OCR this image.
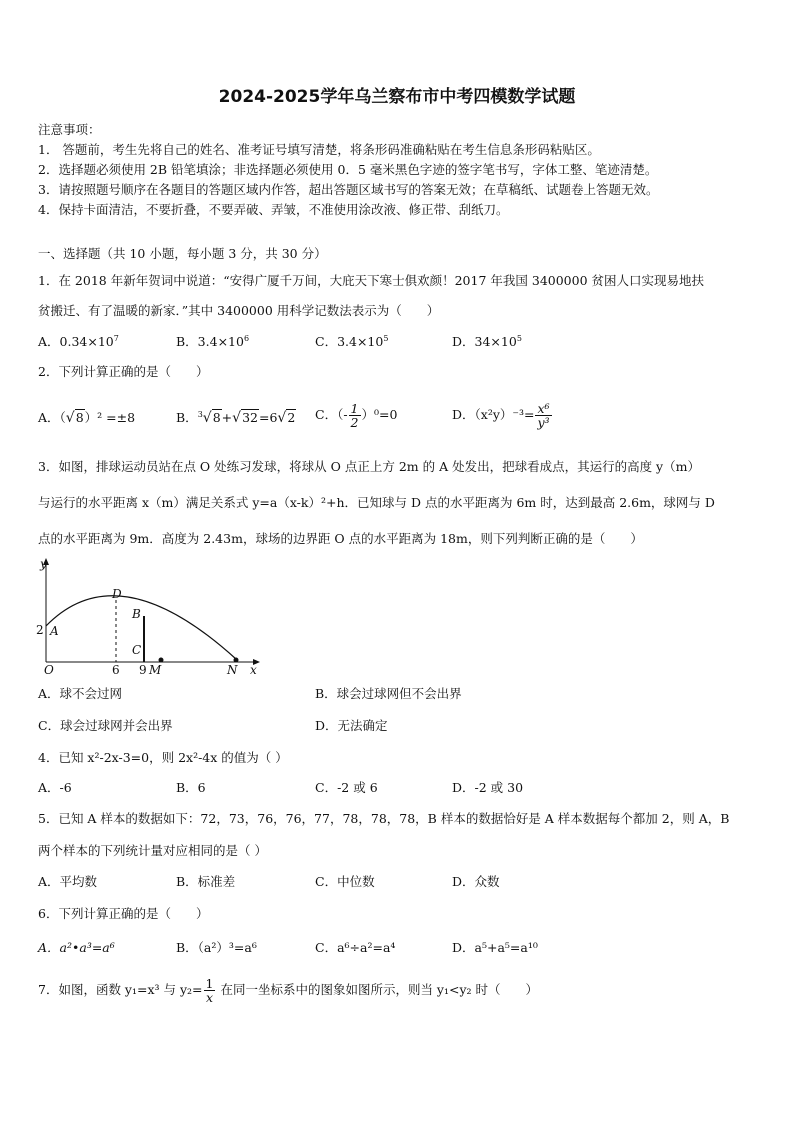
2024-2025学年乌兰察布市中考四模数学试题
注意事项：
1． 答题前，考生先将自己的姓名、准考证号填写清楚，将条形码准确粘贴在考生信息条形码粘贴区。
2．选择题必须使用 2B 铅笔填涂；非选择题必须使用 0．5 毫米黑色字迹的签字笔书写，字体工整、笔迹清楚。
3．请按照题号顺序在各题目的答题区域内作答，超出答题区域书写的答案无效；在草稿纸、试题卷上答题无效。
4．保持卡面清洁，不要折叠，不要弄破、弄皱，不准使用涂改液、修正带、刮纸刀。
一、选择题（共 10 小题，每小题 3 分，共 30 分）
1．在 2018 年新年贺词中说道：“安得广厦千万间，大庇天下寒士俱欢颜！2017 年我国 3400000 贫困人口实现易地扶
贫搬迁、有了温暖的新家．”其中 3400000 用科学记数法表示为（　　）
A．$0.34\times 10^7$	B．$3.4\times 10^6$	C．$3.4\times 10^5$	D．$34\times 10^5$
2．下列计算正确的是（　　）
A．（√8）² =±8	B．$^3$√8+√32=6√2 C．（- $\frac{1}{2} )^0=0$	D．$(x^2y)^{-3}= \frac{\text{x⁶}}{\text{y³}}$
3．如图，排球运动员站在点 O 处练习发球，将球从 O 点正上方 2m 的 A 处发出，把球看成点，其运行的高度 y（m）
与运行的水平距离 x（m）满足关系式 y=a（x-k）²+h．已知球与 D 点的水平距离为 6m 时，达到最高 2.6m，球网与 D
点的水平距离为 9m．高度为 2.43m，球场的边界距 O 点的水平距离为 18m，则下列判断正确的是（　　）
y
x
O
2 A
D
B
C
6 9 M	N
A．球不会过网	B．球会过球网但不会出界
C．球会过球网并会出界	D．无法确定
4．已知 x²-2x-3=0，则 2x²-4x 的值为（ ）
A．-6	B．6	C．-2 或 6	D．-2 或 30
5．已知 A 样本的数据如下：72，73，76，76，77，78，78，78，B 样本的数据恰好是 A 样本数据每个都加 2，则 A，B
两个样本的下列统计量对应相同的是（ ）
A．平均数	B．标准差	C．中位数	D．众数
6．下列计算正确的是（　　）
A．a²•a³=a⁶	B．（a²）³=a⁶	C．a⁶÷a²=a⁴	D．a⁵+a⁵=a¹⁰
7．如图，函数 y₁=x³ 与 $y_2= \frac{1}{x}$ 在同一坐标系中的图象如图所示，则当 y₁<y₂ 时（　　）
